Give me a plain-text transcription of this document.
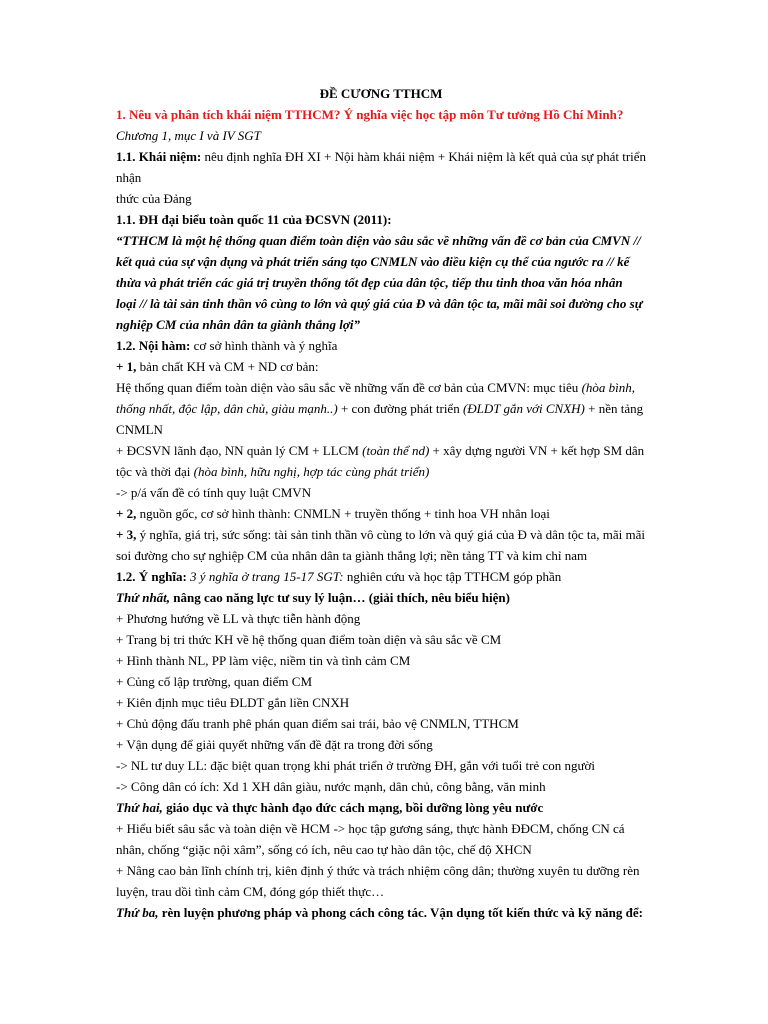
ĐỀ CƯƠNG TTHCM
1. Nêu và phân tích khái niệm TTHCM? Ý nghĩa việc học tập môn Tư tưởng Hồ Chí Minh?
Chương 1, mục I và IV SGT
1.1. Khái niệm: nêu định nghĩa ĐH XI + Nội hàm khái niệm + Khái niệm là kết quả của sự phát triển
nhận
thức của Đảng
1.1. ĐH đại biểu toàn quốc 11 của ĐCSVN (2011):
“TTHCM là một hệ thống quan điểm toàn diện vào sâu sắc về những vấn đề cơ bản của CMVN //
kết quả của sự vận dụng và phát triển sáng tạo CNMLN vào điều kiện cụ thể của ngước ra // kế
thừa và phát triển các giá trị truyền thống tốt đẹp của dân tộc, tiếp thu tinh thoa văn hóa nhân
loại // là tài sản tinh thần vô cùng to lớn và quý giá của Đ và dân tộc ta, mãi mãi soi đường cho sự
nghiệp CM của nhân dân ta giành thắng lợi”
1.2. Nội hàm: cơ sở hình thành và ý nghĩa
+ 1, bản chất KH và CM + ND cơ bản:
Hệ thống quan điểm toàn diện vào sâu sắc về những vấn đề cơ bản của CMVN: mục tiêu (hòa bình,
thống nhất, độc lập, dân chủ, giàu mạnh..) + con đường phát triển (ĐLDT gắn với CNXH) + nền tảng
CNMLN
+ ĐCSVN lãnh đạo, NN quản lý CM + LLCM (toàn thể nd) + xây dựng người VN + kết hợp SM dân
tộc và thời đại (hòa bình, hữu nghị, hợp tác cùng phát triển)
-> p/á vấn đề có tính quy luật CMVN
+ 2, nguồn gốc, cơ sở hình thành: CNMLN + truyền thống + tinh hoa VH nhân loại
+ 3, ý nghĩa, giá trị, sức sống: tài sản tinh thần vô cùng to lớn và quý giá của Đ và dân tộc ta, mãi mãi
soi đường cho sự nghiệp CM của nhân dân ta giành thắng lợi; nền tảng TT và kim chỉ nam
1.2. Ý nghĩa: 3 ý nghĩa ở trang 15-17 SGT: nghiên cứu và học tập TTHCM góp phần
Thứ nhất, nâng cao năng lực tư suy lý luận… (giải thích, nêu biểu hiện)
+ Phương hướng về LL và thực tiễn hành động
+ Trang bị tri thức KH về hệ thống quan điểm toàn diện và sâu sắc về CM
+ Hình thành NL, PP làm việc, niềm tin và tình cảm CM
+ Củng cố lập trường, quan điểm CM
+ Kiên định mục tiêu ĐLDT gắn liền CNXH
+ Chủ động đấu tranh phê phán quan điểm sai trái, bảo vệ CNMLN, TTHCM
+ Vận dụng để giải quyết những vấn đề đặt ra trong đời sống
-> NL tư duy LL: đặc biệt quan trọng khi phát triển ở trường ĐH, gắn với tuổi trẻ con người
-> Công dân có ích: Xd 1 XH dân giàu, nước mạnh, dân chủ, công bằng, văn minh
Thứ hai, giáo dục và thực hành đạo đức cách mạng, bồi dưỡng lòng yêu nước
+ Hiểu biết sâu sắc và toàn diện về HCM -> học tập gương sáng, thực hành ĐĐCM, chống CN cá
nhân, chống “giặc nội xâm”, sống có ích, nêu cao tự hào dân tộc, chế độ XHCN
+ Nâng cao bản lĩnh chính trị, kiên định ý thức và trách nhiệm công dân; thường xuyên tu dưỡng rèn
luyện, trau dồi tình cảm CM, đóng góp thiết thực…
Thứ ba, rèn luyện phương pháp và phong cách công tác. Vận dụng tốt kiến thức và kỹ năng để:
